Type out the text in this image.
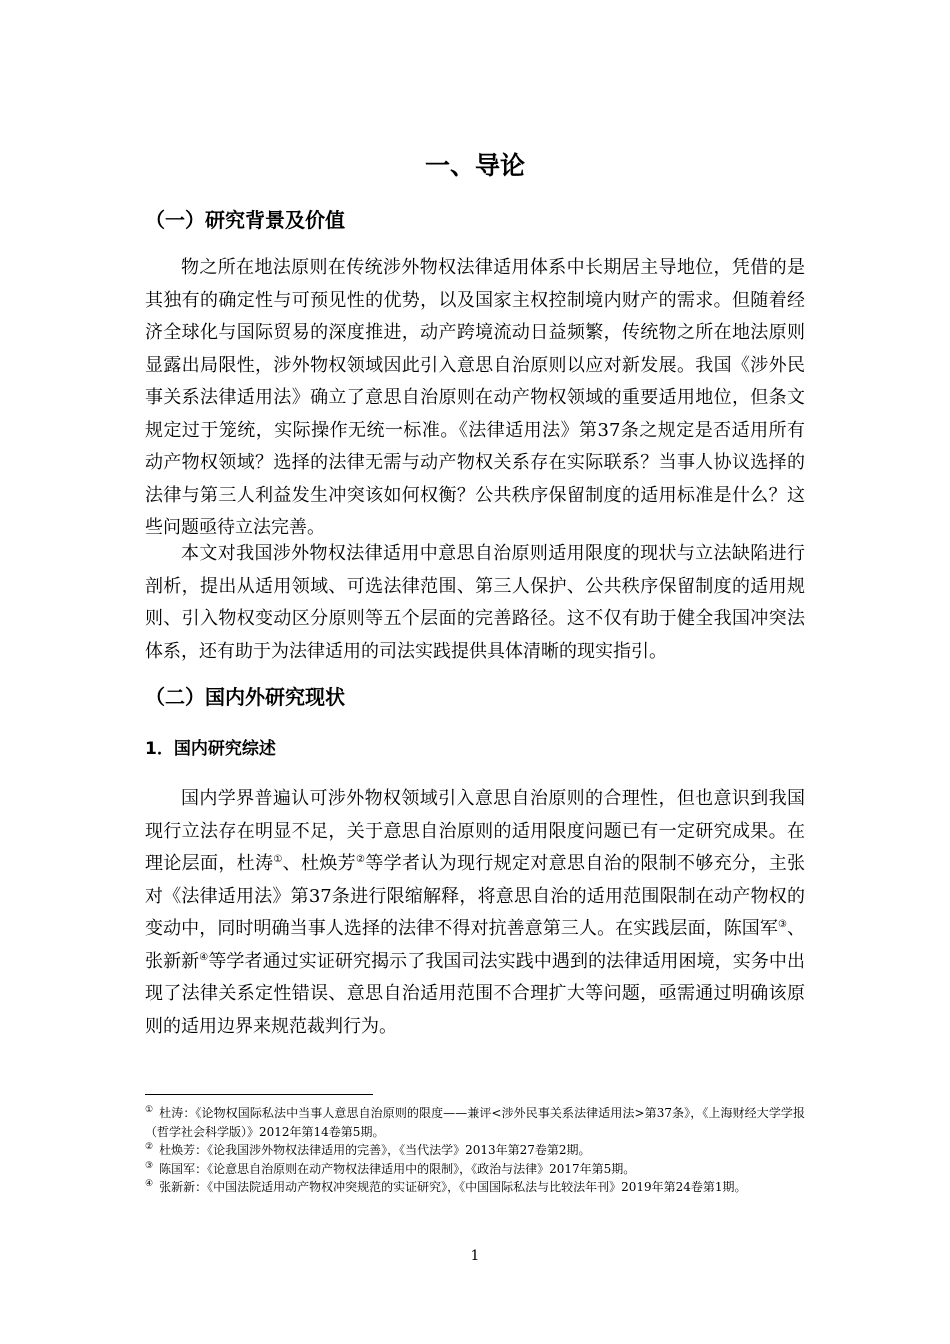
一、导论
（一）研究背景及价值

物之所在地法原则在传统涉外物权法律适用体系中长期居主导地位，凭借的是其独有的确定性与可预见性的优势，以及国家主权控制境内财产的需求。但随着经济全球化与国际贸易的深度推进，动产跨境流动日益频繁，传统物之所在地法原则显露出局限性，涉外物权领域因此引入意思自治原则以应对新发展。我国《涉外民事关系法律适用法》确立了意思自治原则在动产物权领域的重要适用地位，但条文规定过于笼统，实际操作无统一标准。《法律适用法》第37条之规定是否适用所有动产物权领域？选择的法律无需与动产物权关系存在实际联系？当事人协议选择的法律与第三人利益发生冲突该如何权衡？公共秩序保留制度的适用标准是什么？这些问题亟待立法完善。

本文对我国涉外物权法律适用中意思自治原则适用限度的现状与立法缺陷进行剖析，提出从适用领域、可选法律范围、第三人保护、公共秩序保留制度的适用规则、引入物权变动区分原则等五个层面的完善路径。这不仅有助于健全我国冲突法体系，还有助于为法律适用的司法实践提供具体清晰的现实指引。

（二）国内外研究现状
1．国内研究综述

国内学界普遍认可涉外物权领域引入意思自治原则的合理性，但也意识到我国现行立法存在明显不足，关于意思自治原则的适用限度问题已有一定研究成果。在理论层面，杜涛①、杜焕芳②等学者认为现行规定对意思自治的限制不够充分，主张对《法律适用法》第37条进行限缩解释，将意思自治的适用范围限制在动产物权的变动中，同时明确当事人选择的法律不得对抗善意第三人。在实践层面，陈国军③、张新新④等学者通过实证研究揭示了我国司法实践中遇到的法律适用困境，实务中出现了法律关系定性错误、意思自治适用范围不合理扩大等问题，亟需通过明确该原则的适用边界来规范裁判行为。

① 杜涛：《论物权国际私法中当事人意思自治原则的限度——兼评<涉外民事关系法律适用法>第37条》，《上海财经大学学报（哲学社会科学版）》2012年第14卷第5期。

② 杜焕芳：《论我国涉外物权法律适用的完善》，《当代法学》2013年第27卷第2期。

③ 陈国军：《论意思自治原则在动产物权法律适用中的限制》，《政治与法律》2017年第5期。

④ 张新新：《中国法院适用动产物权冲突规范的实证研究》，《中国国际私法与比较法年刊》2019年第24卷第1期。

1
